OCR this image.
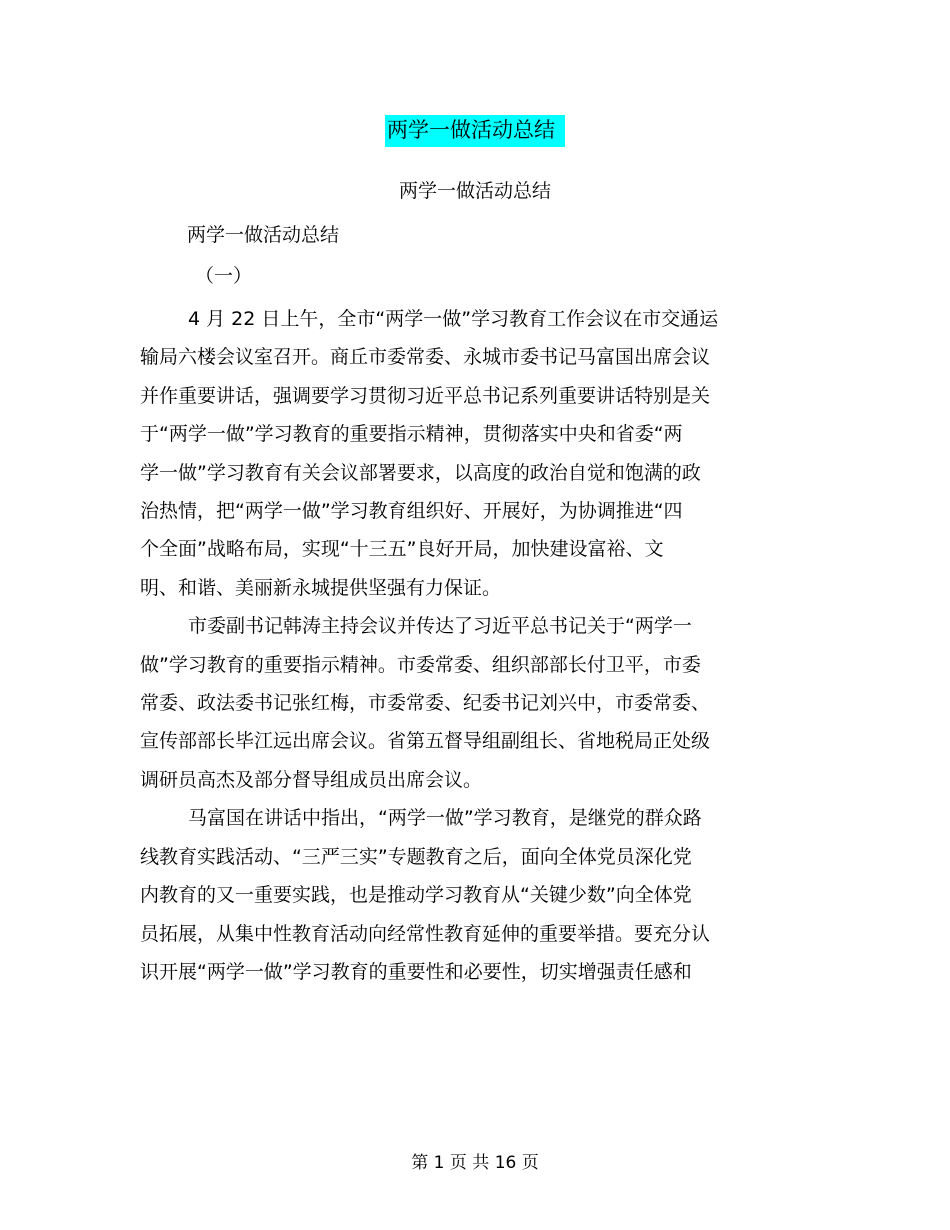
两学一做活动总结
两学一做活动总结
两学一做活动总结
（一）
4 月 22 日上午，全市“两学一做”学习教育工作会议在市交通运
输局六楼会议室召开。商丘市委常委、永城市委书记马富国出席会议
并作重要讲话，强调要学习贯彻习近平总书记系列重要讲话特别是关
于“两学一做”学习教育的重要指示精神，贯彻落实中央和省委“两
学一做”学习教育有关会议部署要求，以高度的政治自觉和饱满的政
治热情，把“两学一做”学习教育组织好、开展好，为协调推进“四
个全面”战略布局，实现“十三五”良好开局，加快建设富裕、文
明、和谐、美丽新永城提供坚强有力保证。
市委副书记韩涛主持会议并传达了习近平总书记关于“两学一
做”学习教育的重要指示精神。市委常委、组织部部长付卫平，市委
常委、政法委书记张红梅，市委常委、纪委书记刘兴中，市委常委、
宣传部部长毕江远出席会议。省第五督导组副组长、省地税局正处级
调研员高杰及部分督导组成员出席会议。
马富国在讲话中指出，“两学一做”学习教育，是继党的群众路
线教育实践活动、“三严三实”专题教育之后，面向全体党员深化党
内教育的又一重要实践，也是推动学习教育从“关键少数”向全体党
员拓展，从集中性教育活动向经常性教育延伸的重要举措。要充分认
识开展“两学一做”学习教育的重要性和必要性，切实增强责任感和
第 1 页 共 16 页
